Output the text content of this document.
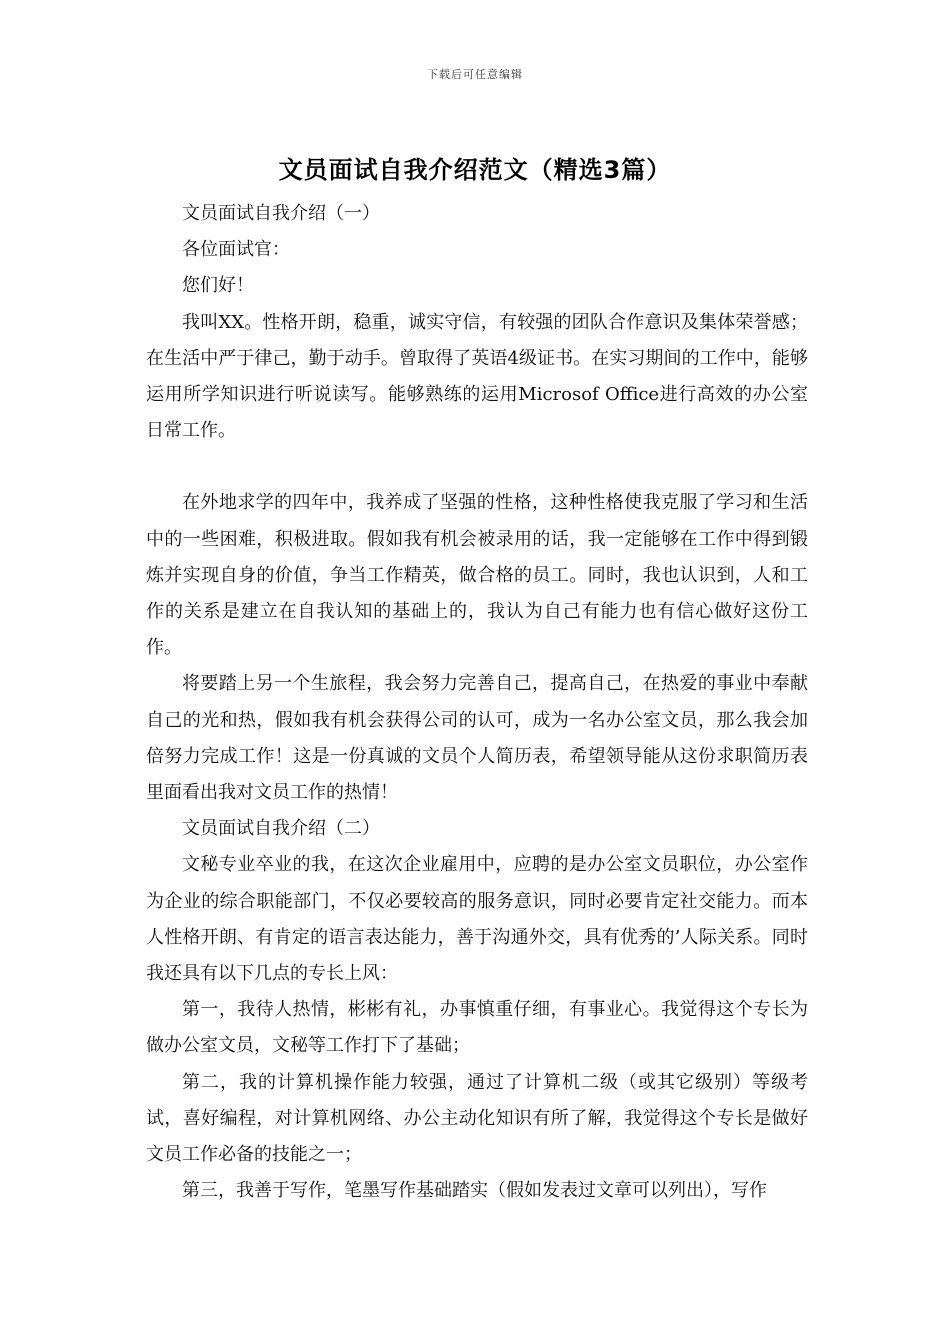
下载后可任意编辑
文员面试自我介绍范文（精选3篇）

文员面试自我介绍（一）

各位面试官：

您们好！

我叫XX。性格开朗，稳重，诚实守信，有较强的团队合作意识及集体荣誉感；在生活中严于律己，勤于动手。曾取得了英语4级证书。在实习期间的工作中，能够运用所学知识进行听说读写。能够熟练的运用Microsof Office进行高效的办公室日常工作。

在外地求学的四年中，我养成了坚强的性格，这种性格使我克服了学习和生活中的一些困难，积极进取。假如我有机会被录用的话，我一定能够在工作中得到锻炼并实现自身的价值，争当工作精英，做合格的员工。同时，我也认识到，人和工作的关系是建立在自我认知的基础上的，我认为自己有能力也有信心做好这份工作。

将要踏上另一个生旅程，我会努力完善自己，提高自己，在热爱的事业中奉献自己的光和热，假如我有机会获得公司的认可，成为一名办公室文员，那么我会加倍努力完成工作！这是一份真诚的文员个人简历表，希望领导能从这份求职简历表里面看出我对文员工作的热情！

文员面试自我介绍（二）

文秘专业卒业的我，在这次企业雇用中，应聘的是办公室文员职位，办公室作为企业的综合职能部门，不仅必要较高的服务意识，同时必要肯定社交能力。而本人性格开朗、有肯定的语言表达能力，善于沟通外交，具有优秀的’人际关系。同时我还具有以下几点的专长上风：

第一，我待人热情，彬彬有礼，办事慎重仔细，有事业心。我觉得这个专长为做办公室文员，文秘等工作打下了基础；

第二，我的计算机操作能力较强，通过了计算机二级（或其它级别）等级考试，喜好编程，对计算机网络、办公主动化知识有所了解，我觉得这个专长是做好文员工作必备的技能之一；

第三，我善于写作，笔墨写作基础踏实（假如发表过文章可以列出），写作
